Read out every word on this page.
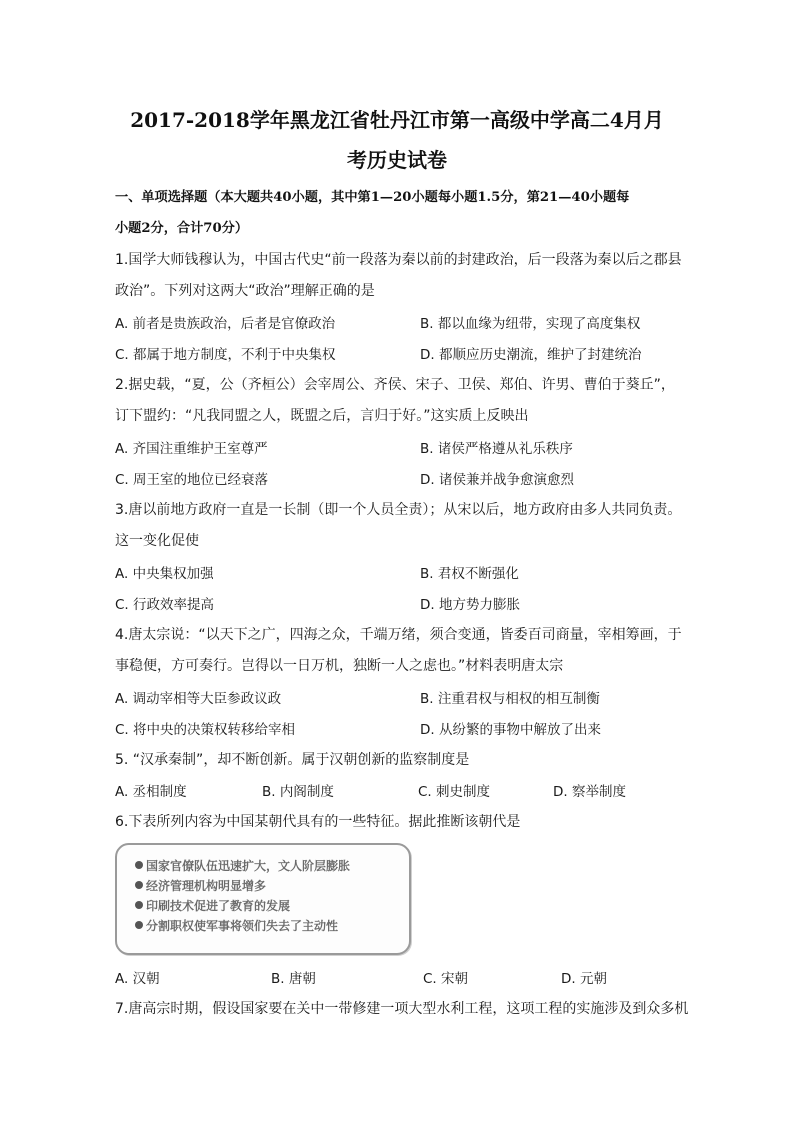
2017-2018学年黑龙江省牡丹江市第一高级中学高二4月月
考历史试卷
一、单项选择题（本大题共40小题，其中第1—20小题每小题1.5分，第21—40小题每
小题2分，合计70分）
1.国学大师钱穆认为，中国古代史“前一段落为秦以前的封建政治，后一段落为秦以后之郡县
政治”。下列对这两大“政治”理解正确的是
A. 前者是贵族政治，后者是官僚政治	B. 都以血缘为纽带，实现了高度集权
C. 都属于地方制度，不利于中央集权	D. 都顺应历史潮流，维护了封建统治
2.据史载，“夏，公（齐桓公）会宰周公、齐侯、宋子、卫侯、郑伯、许男、曹伯于葵丘”，
订下盟约：“凡我同盟之人，既盟之后，言归于好。”这实质上反映出
A. 齐国注重维护王室尊严	B. 诸侯严格遵从礼乐秩序
C. 周王室的地位已经衰落	D. 诸侯兼并战争愈演愈烈
3.唐以前地方政府一直是一长制（即一个人员全责）；从宋以后，地方政府由多人共同负责。
这一变化促使
A. 中央集权加强	B. 君权不断强化
C. 行政效率提高	D. 地方势力膨胀
4.唐太宗说：“以天下之广，四海之众，千端万绪，须合变通，皆委百司商量，宰相筹画，于
事稳便，方可奏行。岂得以一日万机，独断一人之虑也。”材料表明唐太宗
A. 调动宰相等大臣参政议政	B. 注重君权与相权的相互制衡
C. 将中央的决策权转移给宰相	D. 从纷繁的事物中解放了出来
5. “汉承秦制”，却不断创新。属于汉朝创新的监察制度是
A. 丞相制度	B. 内阁制度	C. 刺史制度	D. 察举制度
6.下表所列内容为中国某朝代具有的一些特征。据此推断该朝代是
国家官僚队伍迅速扩大，文人阶层膨胀
经济管理机构明显增多
印刷技术促进了教育的发展
分割职权使军事将领们失去了主动性
A. 汉朝	B. 唐朝	C. 宋朝	D. 元朝
7.唐高宗时期，假设国家要在关中一带修建一项大型水利工程，这项工程的实施涉及到众多机
